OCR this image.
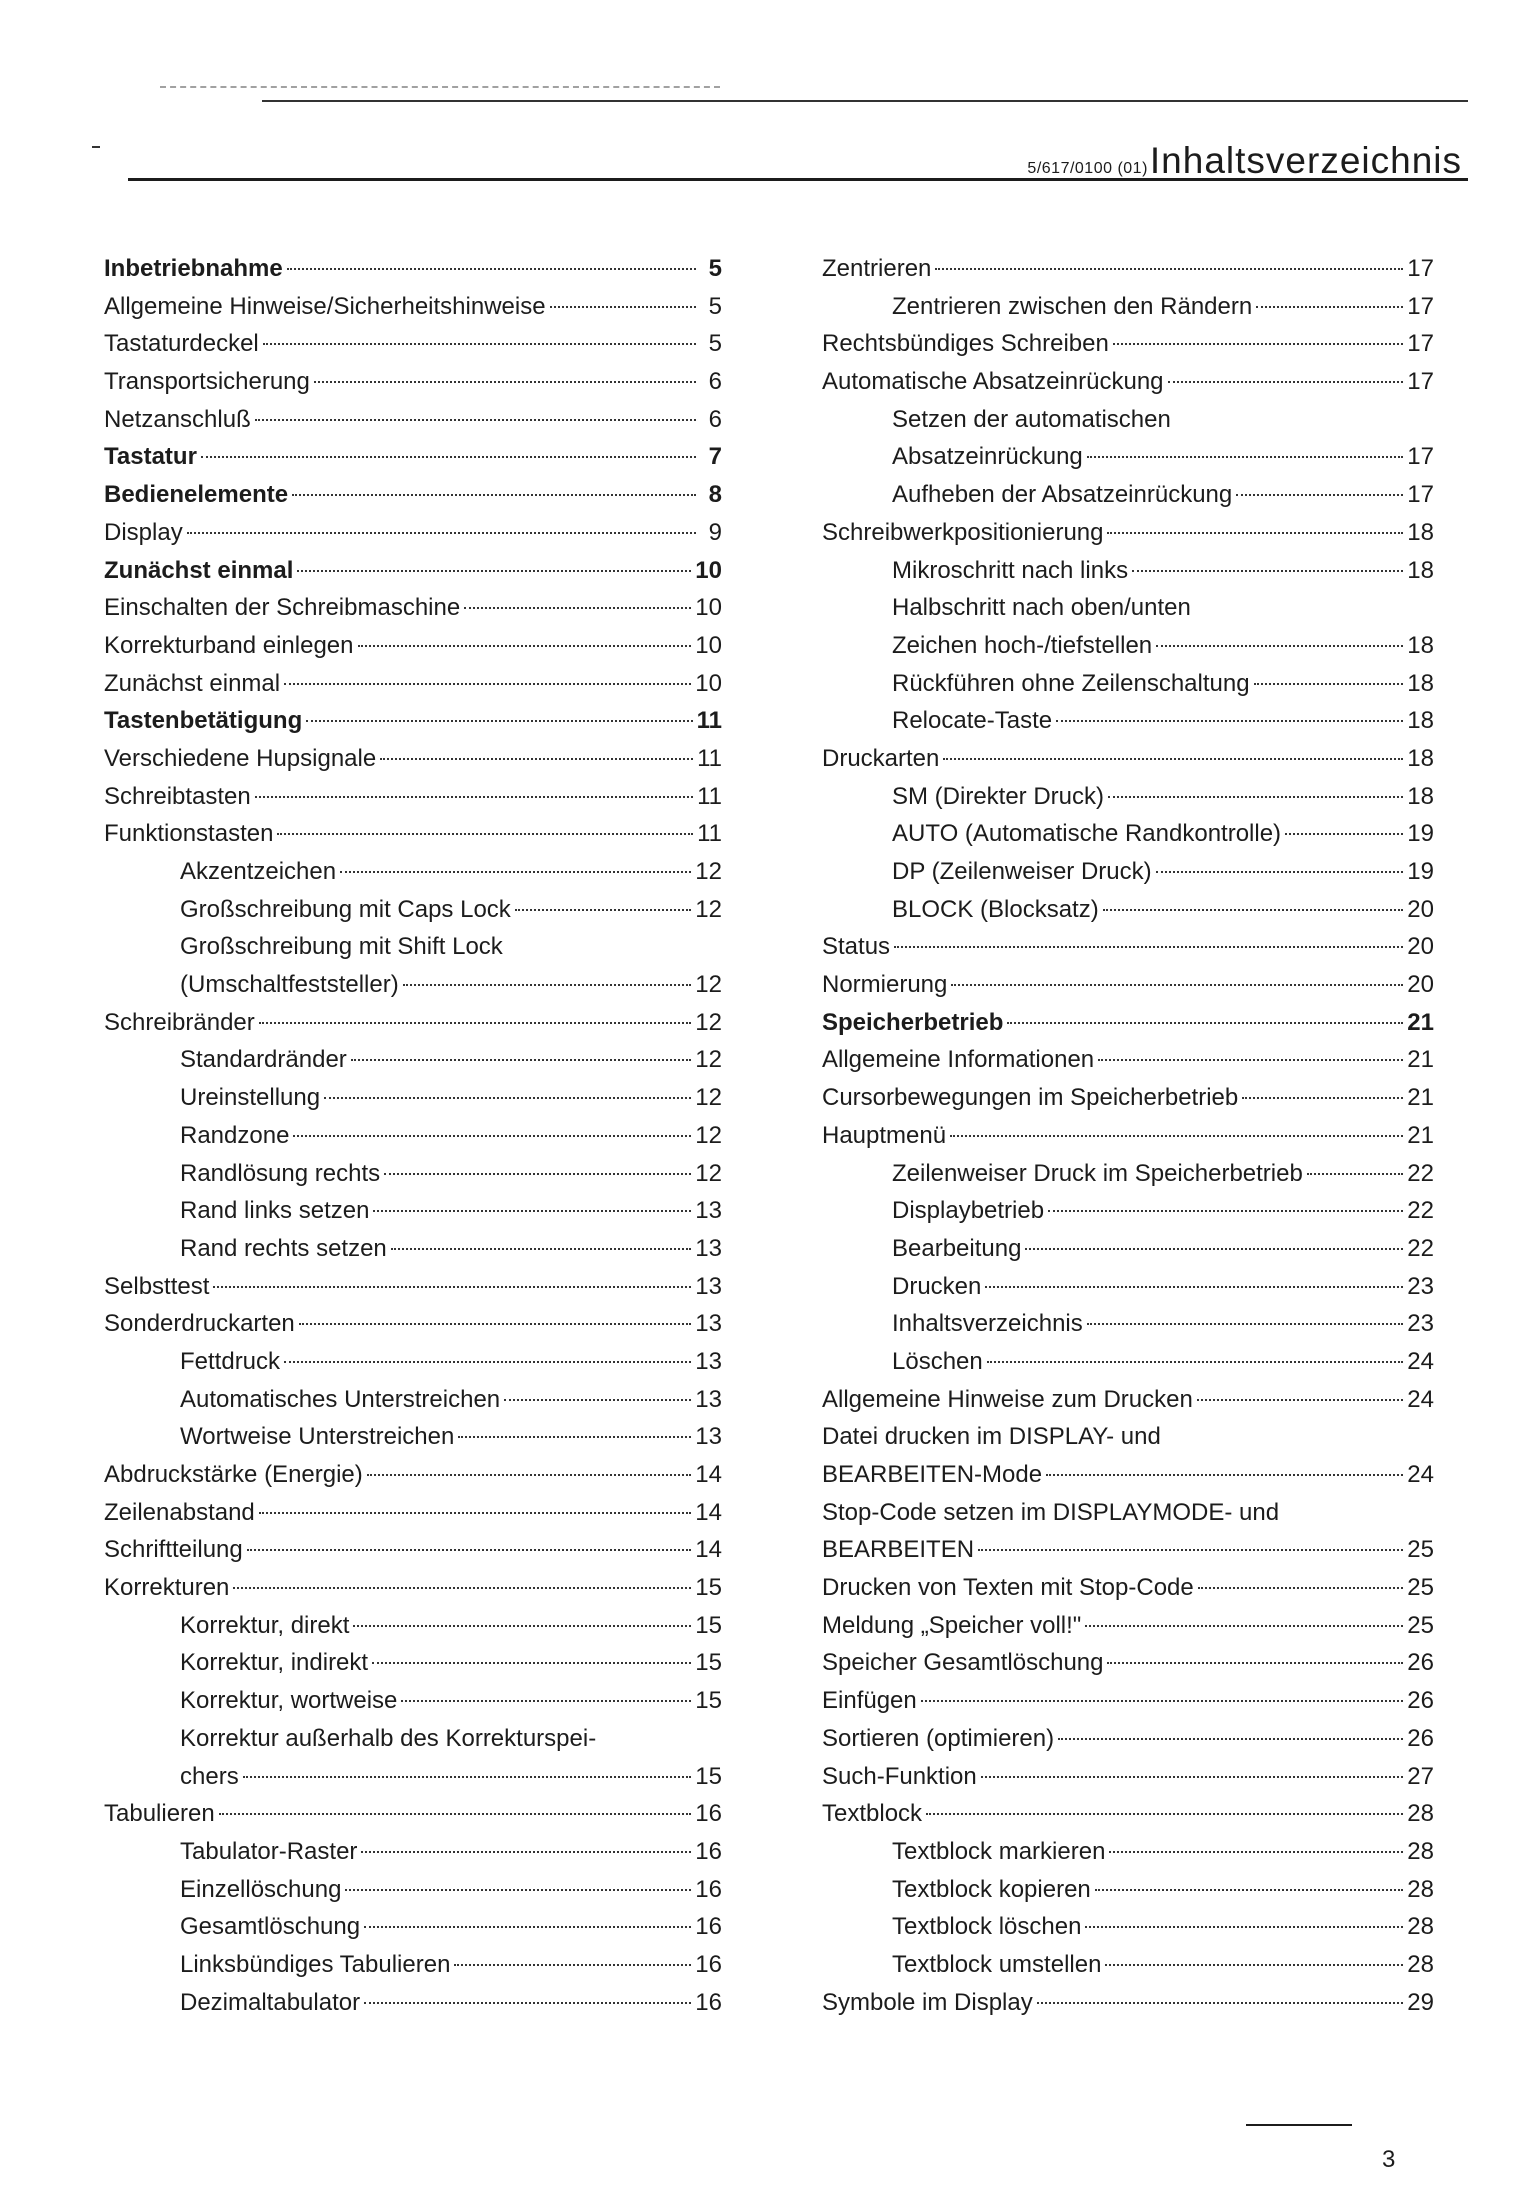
5/617/0100 (01) Inhaltsverzeichnis
Inbetriebnahme	5
Allgemeine Hinweise/Sicherheitshinweise	5
Tastaturdeckel	5
Transportsicherung	6
Netzanschluß	6
Tastatur	7
Bedienelemente	8
Display	9
Zunächst einmal	10
Einschalten der Schreibmaschine	10
Korrekturband einlegen	10
Zunächst einmal	10
Tastenbetätigung	11
Verschiedene Hupsignale	11
Schreibtasten	11
Funktionstasten	11
Akzentzeichen	12
Großschreibung mit Caps Lock	12
Großschreibung mit Shift Lock
(Umschaltfeststeller)	12
Schreibränder	12
Standardränder	12
Ureinstellung	12
Randzone	12
Randlösung rechts	12
Rand links setzen	13
Rand rechts setzen	13
Selbsttest	13
Sonderdruckarten	13
Fettdruck	13
Automatisches Unterstreichen	13
Wortweise Unterstreichen	13
Abdruckstärke (Energie)	14
Zeilenabstand	14
Schriftteilung	14
Korrekturen	15
Korrektur, direkt	15
Korrektur, indirekt	15
Korrektur, wortweise	15
Korrektur außerhalb des Korrekturspei-
chers	15
Tabulieren	16
Tabulator-Raster	16
Einzellöschung	16
Gesamtlöschung	16
Linksbündiges Tabulieren	16
Dezimaltabulator	16
Zentrieren	17
Zentrieren zwischen den Rändern	17
Rechtsbündiges Schreiben	17
Automatische Absatzeinrückung	17
Setzen der automatischen
Absatzeinrückung	17
Aufheben der Absatzeinrückung	17
Schreibwerkpositionierung	18
Mikroschritt nach links	18
Halbschritt nach oben/unten
Zeichen hoch-/tiefstellen	18
Rückführen ohne Zeilenschaltung	18
Relocate-Taste	18
Druckarten	18
SM (Direkter Druck)	18
AUTO (Automatische Randkontrolle)	19
DP (Zeilenweiser Druck)	19
BLOCK (Blocksatz)	20
Status	20
Normierung	20
Speicherbetrieb	21
Allgemeine Informationen	21
Cursorbewegungen im Speicherbetrieb	21
Hauptmenü	21
Zeilenweiser Druck im Speicherbetrieb	22
Displaybetrieb	22
Bearbeitung	22
Drucken	23
Inhaltsverzeichnis	23
Löschen	24
Allgemeine Hinweise zum Drucken	24
Datei drucken im DISPLAY- und
BEARBEITEN-Mode	24
Stop-Code setzen im DISPLAYMODE- und
BEARBEITEN	25
Drucken von Texten mit Stop-Code	25
Meldung „Speicher voll!"	25
Speicher Gesamtlöschung	26
Einfügen	26
Sortieren (optimieren)	26
Such-Funktion	27
Textblock	28
Textblock markieren	28
Textblock kopieren	28
Textblock löschen	28
Textblock umstellen	28
Symbole im Display	29
3
